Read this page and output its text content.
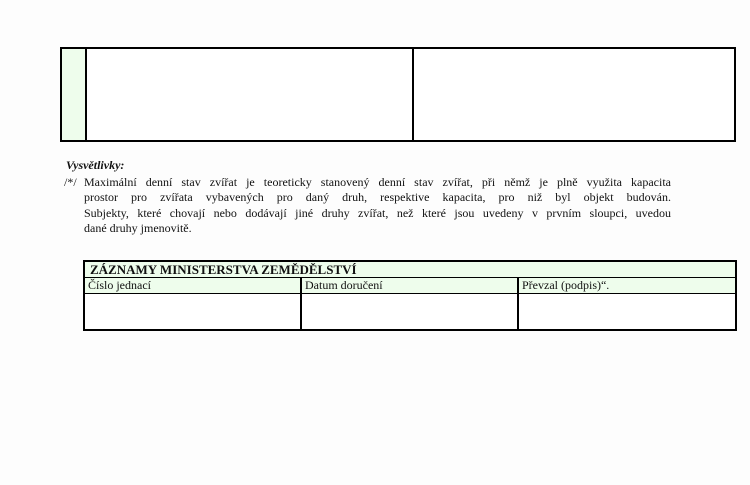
Vysvětlivky:
/*/ Maximální denní stav zvířat je teoreticky stanovený denní stav zvířat, při němž je plně využita kapacita
prostor pro zvířata vybavených pro daný druh, respektive kapacita, pro niž byl objekt budován.
Subjekty, které chovají nebo dodávají jiné druhy zvířat, než které jsou uvedeny v prvním sloupci, uvedou
dané druhy jmenovitě.
ZÁZNAMY MINISTERSTVA ZEMĚDĚLSTVÍ
Číslo jednací	Datum doručení	Převzal (podpis)“.
